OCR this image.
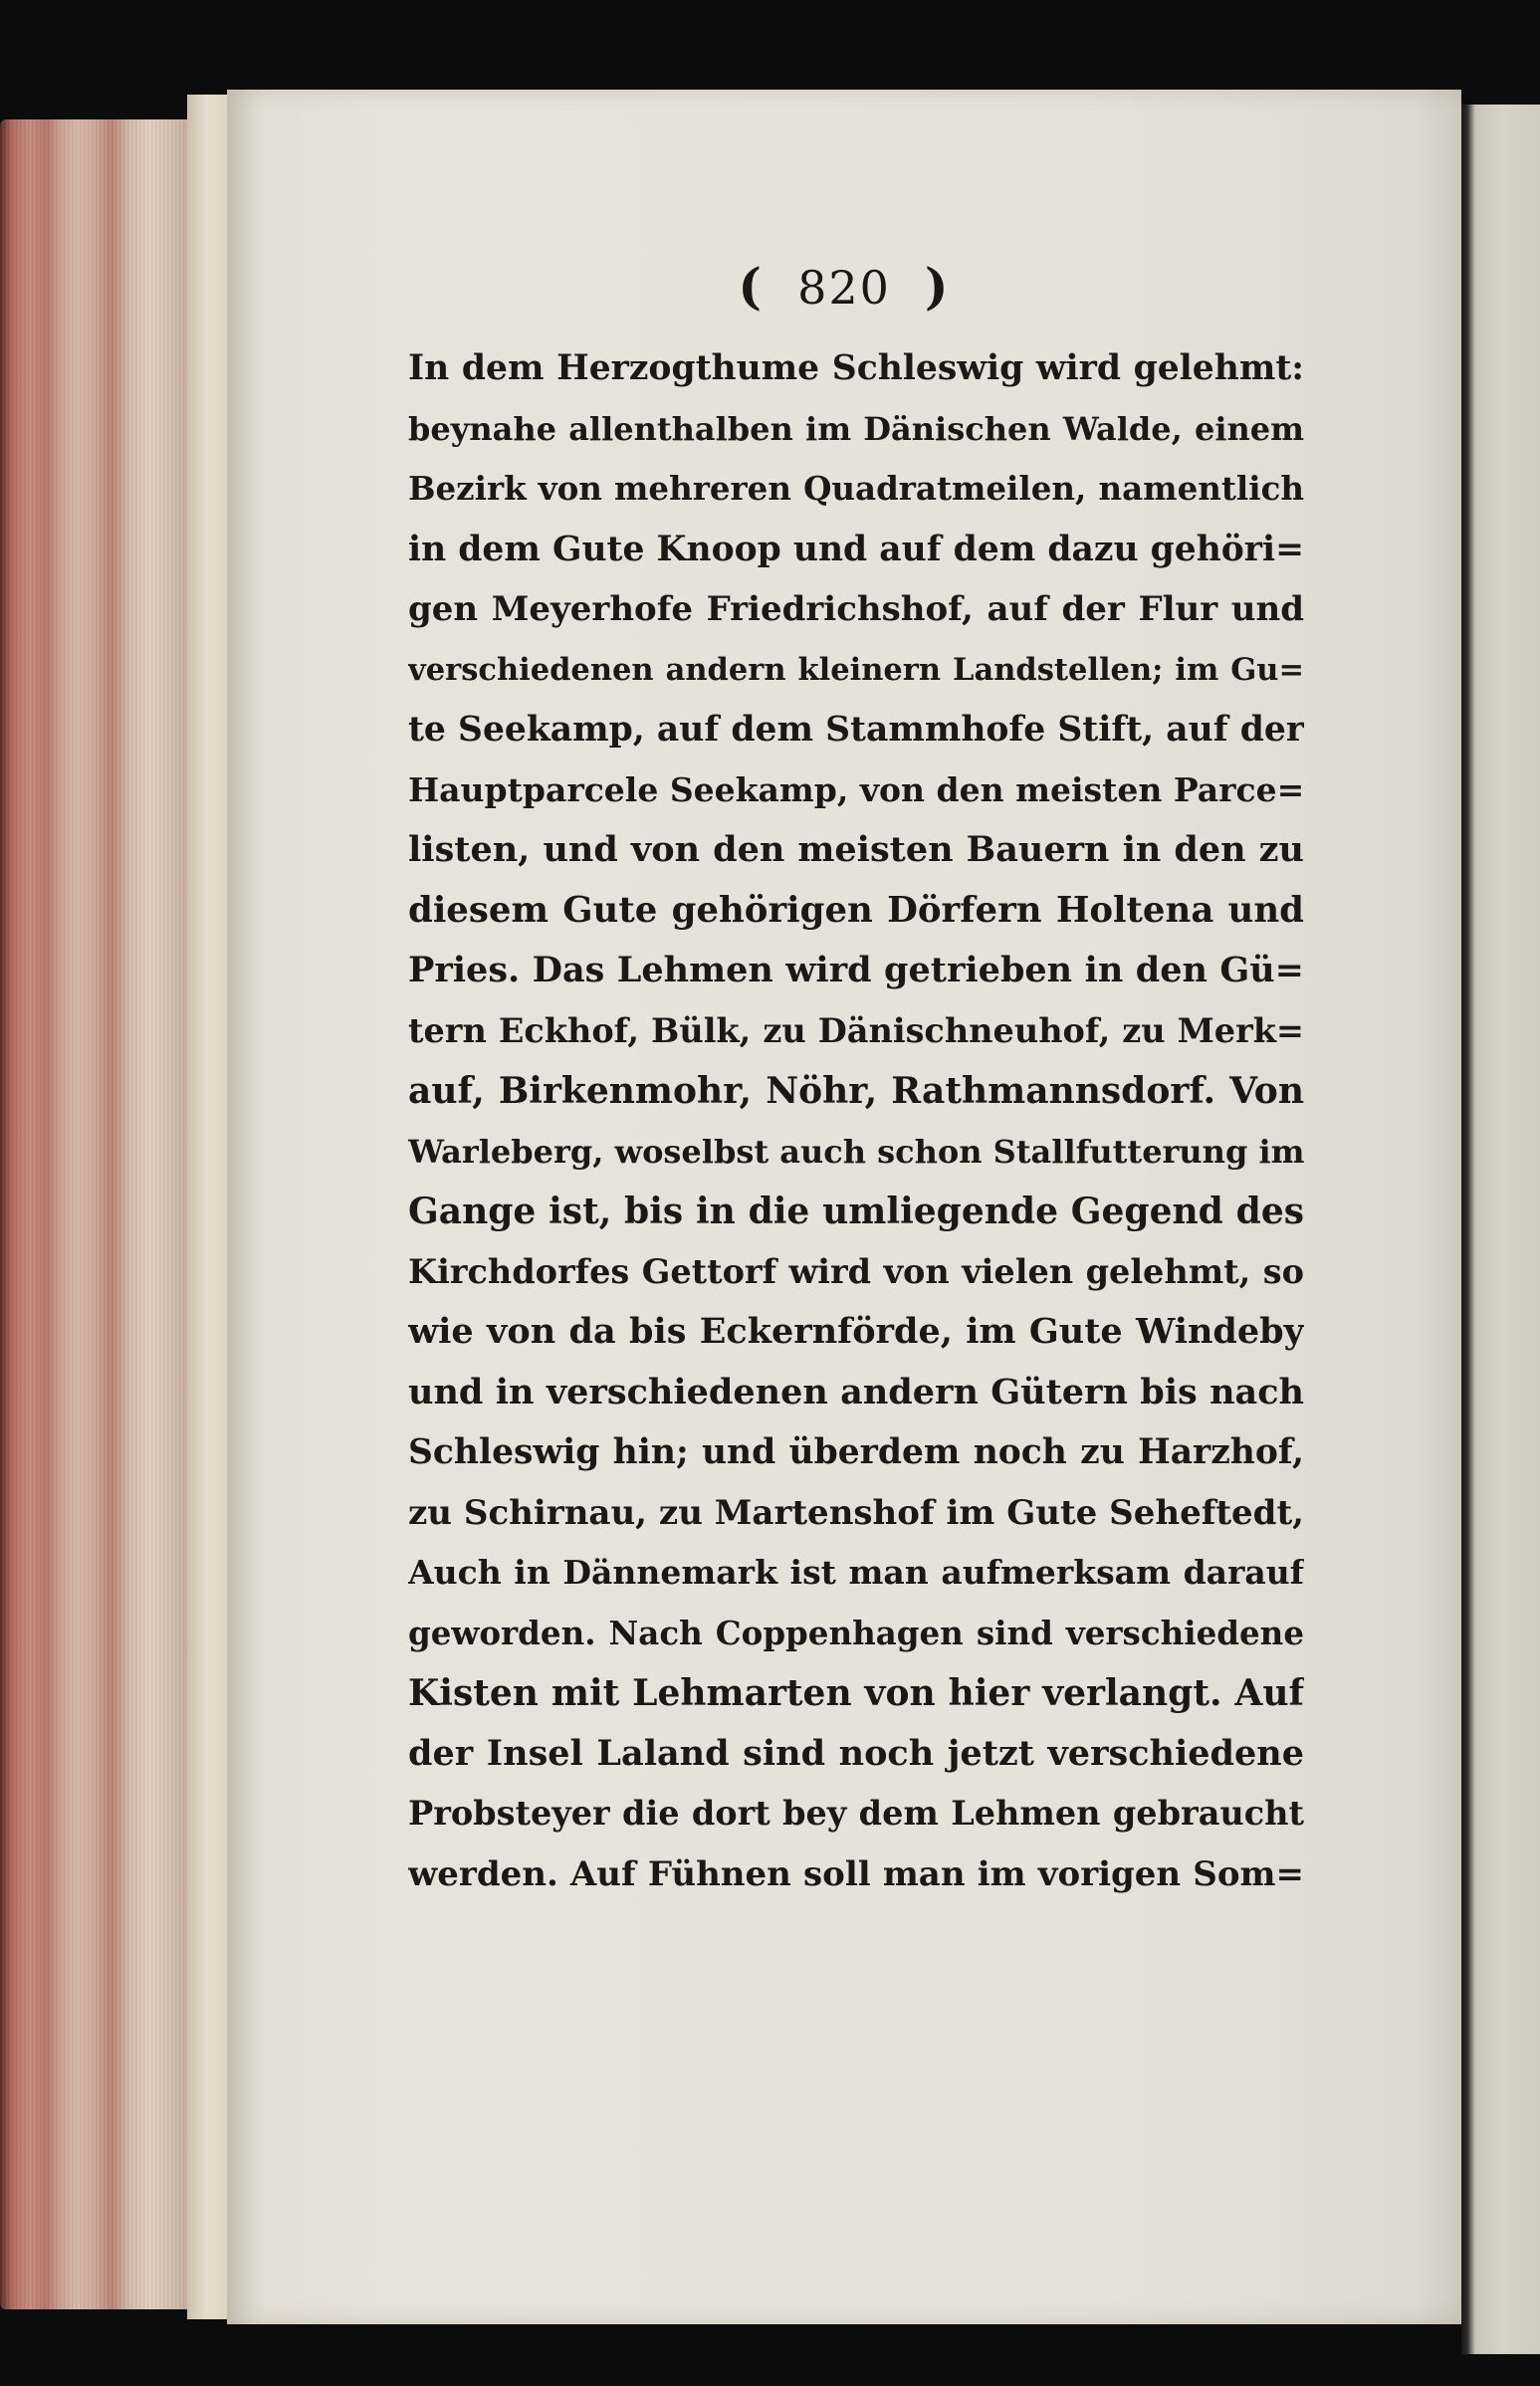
( 820 )
In dem Herzogthume Schleswig wird gelehmt:
beynahe allenthalben im Dänischen Walde, einem
Bezirk von mehreren Quadratmeilen, namentlich
in dem Gute Knoop und auf dem dazu gehöri=
gen Meyerhofe Friedrichshof, auf der Flur und
verschiedenen andern kleinern Landstellen; im Gu=
te Seekamp, auf dem Stammhofe Stift, auf der
Hauptparcele Seekamp, von den meisten Parce=
listen, und von den meisten Bauern in den zu
diesem Gute gehörigen Dörfern Holtena und
Pries. Das Lehmen wird getrieben in den Gü=
tern Eckhof, Bülk, zu Dänischneuhof, zu Merk=
auf, Birkenmohr, Nöhr, Rathmannsdorf. Von
Warleberg, woselbst auch schon Stallfutterung im
Gange ist, bis in die umliegende Gegend des
Kirchdorfes Gettorf wird von vielen gelehmt, so
wie von da bis Eckernförde, im Gute Windeby
und in verschiedenen andern Gütern bis nach
Schleswig hin; und überdem noch zu Harzhof,
zu Schirnau, zu Martenshof im Gute Seheftedt,
Auch in Dännemark ist man aufmerksam darauf
geworden. Nach Coppenhagen sind verschiedene
Kisten mit Lehmarten von hier verlangt. Auf
der Insel Laland sind noch jetzt verschiedene
Probsteyer die dort bey dem Lehmen gebraucht
werden. Auf Fühnen soll man im vorigen Som=
